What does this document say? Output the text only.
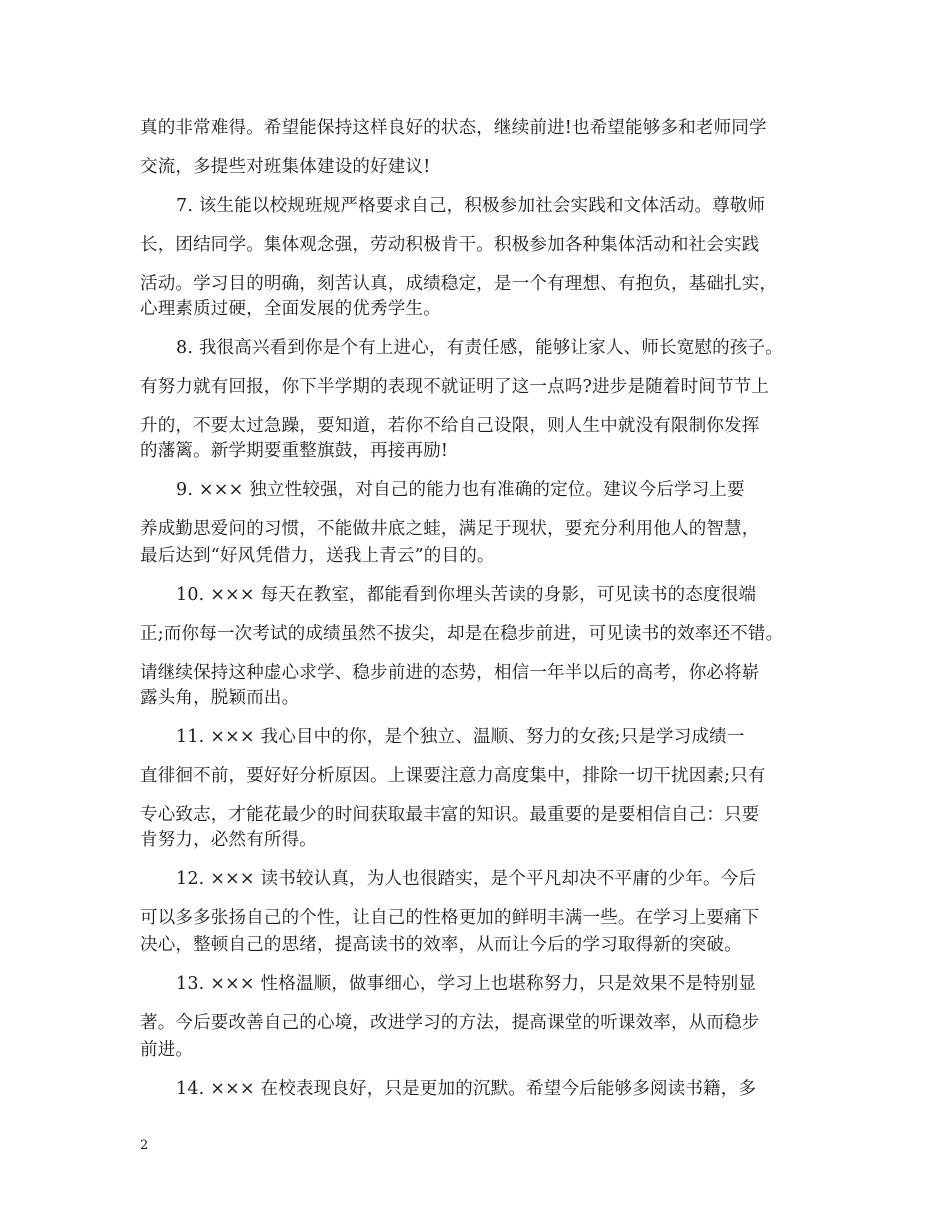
真的非常难得。希望能保持这样良好的状态，继续前进!也希望能够多和老师同学
交流，多提些对班集体建设的好建议!
7. 该生能以校规班规严格要求自己，积极参加社会实践和文体活动。尊敬师
长，团结同学。集体观念强，劳动积极肯干。积极参加各种集体活动和社会实践
活动。学习目的明确，刻苦认真，成绩稳定，是一个有理想、有抱负，基础扎实，
心理素质过硬，全面发展的优秀学生。
8. 我很高兴看到你是个有上进心，有责任感，能够让家人、师长宽慰的孩子。
有努力就有回报，你下半学期的表现不就证明了这一点吗?进步是随着时间节节上
升的，不要太过急躁，要知道，若你不给自己设限，则人生中就没有限制你发挥
的藩篱。新学期要重整旗鼓，再接再励!
9. ××× 独立性较强，对自己的能力也有准确的定位。建议今后学习上要
养成勤思爱问的习惯，不能做井底之蛙，满足于现状，要充分利用他人的智慧，
最后达到“好风凭借力，送我上青云”的目的。
10. ××× 每天在教室，都能看到你埋头苦读的身影，可见读书的态度很端
正;而你每一次考试的成绩虽然不拔尖，却是在稳步前进，可见读书的效率还不错。
请继续保持这种虚心求学、稳步前进的态势，相信一年半以后的高考，你必将崭
露头角，脱颖而出。
11. ××× 我心目中的你，是个独立、温顺、努力的女孩;只是学习成绩一
直徘徊不前，要好好分析原因。上课要注意力高度集中，排除一切干扰因素;只有
专心致志，才能花最少的时间获取最丰富的知识。最重要的是要相信自己：只要
肯努力，必然有所得。
12. ××× 读书较认真，为人也很踏实，是个平凡却决不平庸的少年。今后
可以多多张扬自己的个性，让自己的性格更加的鲜明丰满一些。在学习上要痛下
决心，整顿自己的思绪，提高读书的效率，从而让今后的学习取得新的突破。
13. ××× 性格温顺，做事细心，学习上也堪称努力，只是效果不是特别显
著。今后要改善自己的心境，改进学习的方法，提高课堂的听课效率，从而稳步
前进。
14. ××× 在校表现良好，只是更加的沉默。希望今后能够多阅读书籍，多
2
